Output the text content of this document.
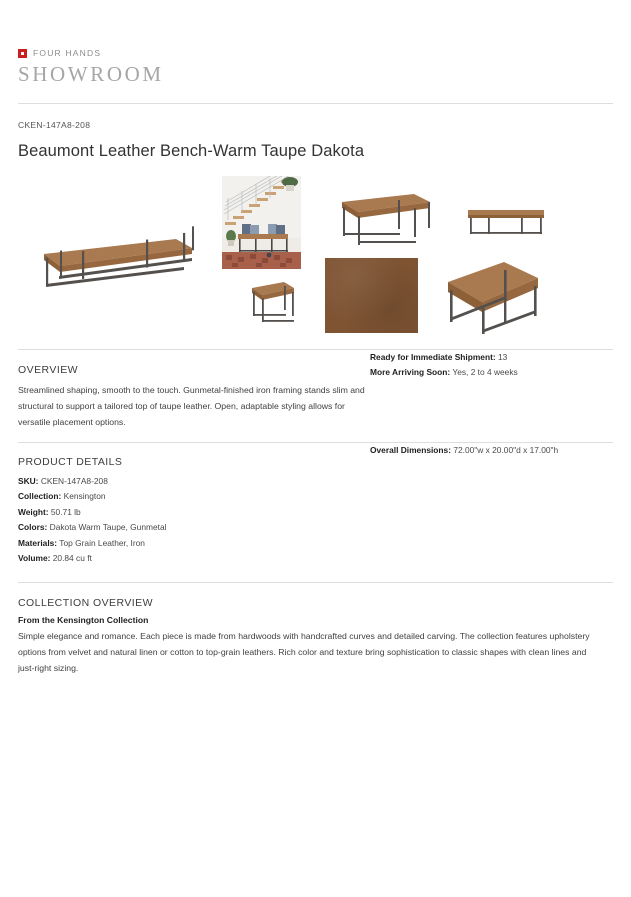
FOUR HANDS
SHOWROOM
CKEN-147A8-208
Beaumont Leather Bench-Warm Taupe Dakota
OVERVIEW

Streamlined shaping, smooth to the touch. Gunmetal-finished iron framing stands slim and structural to support a tailored top of taupe leather. Open, adaptable styling allows for versatile placement options.

Ready for Immediate Shipment: 13
More Arriving Soon: Yes, 2 to 4 weeks
PRODUCT DETAILS
SKU: CKEN-147A8-208
Collection: Kensington
Weight: 50.71 lb
Colors: Dakota Warm Taupe, Gunmetal
Materials: Top Grain Leather, Iron
Volume: 20.84 cu ft
Overall Dimensions: 72.00"w x 20.00"d x 17.00"h
COLLECTION OVERVIEW
From the Kensington Collection

Simple elegance and romance. Each piece is made from hardwoods with handcrafted curves and detailed carving. The collection features upholstery options from velvet and natural linen or cotton to top-grain leathers. Rich color and texture bring sophistication to classic shapes with clean lines and just-right sizing.
